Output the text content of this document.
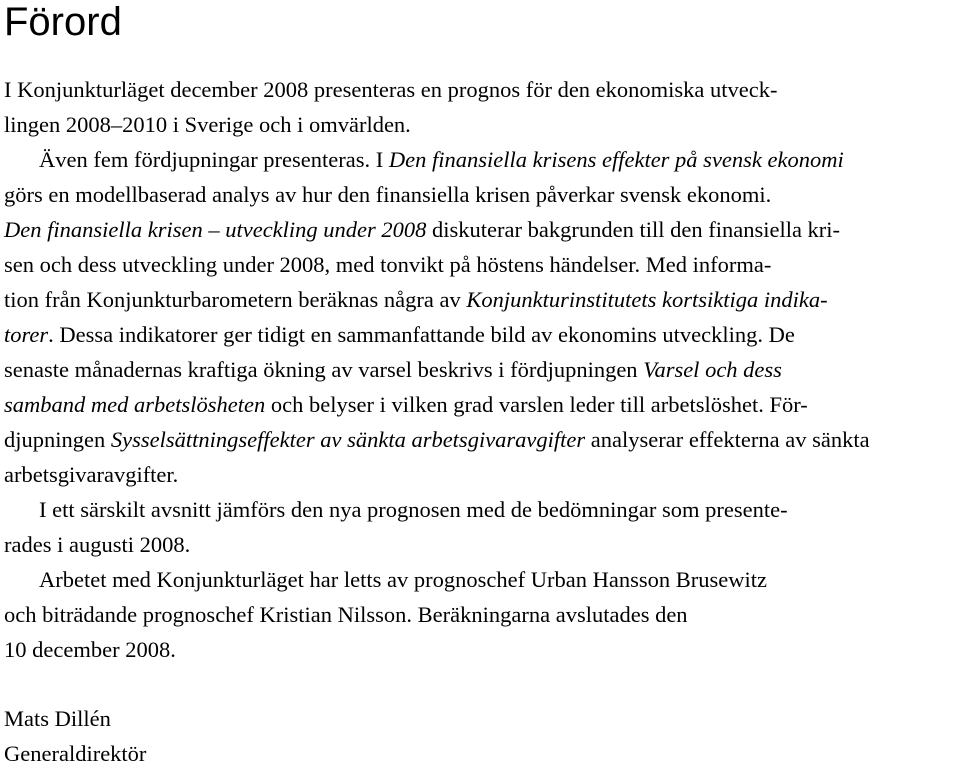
Förord
I Konjunkturläget december 2008 presenteras en prognos för den ekonomiska utveck-
lingen 2008–2010 i Sverige och i omvärlden.
Även fem fördjupningar presenteras. I Den finansiella krisens effekter på svensk ekonomi
görs en modellbaserad analys av hur den finansiella krisen påverkar svensk ekonomi.
Den finansiella krisen – utveckling under 2008 diskuterar bakgrunden till den finansiella kri-
sen och dess utveckling under 2008, med tonvikt på höstens händelser. Med informa-
tion från Konjunkturbarometern beräknas några av Konjunkturinstitutets kortsiktiga indika-
torer. Dessa indikatorer ger tidigt en sammanfattande bild av ekonomins utveckling. De
senaste månadernas kraftiga ökning av varsel beskrivs i fördjupningen Varsel och dess
samband med arbetslösheten och belyser i vilken grad varslen leder till arbetslöshet. För-
djupningen Sysselsättningseffekter av sänkta arbetsgivaravgifter analyserar effekterna av sänkta
arbetsgivaravgifter.
I ett särskilt avsnitt jämförs den nya prognosen med de bedömningar som presente-
rades i augusti 2008.
Arbetet med Konjunkturläget har letts av prognoschef Urban Hansson Brusewitz
och biträdande prognoschef Kristian Nilsson. Beräkningarna avslutades den
10 december 2008.
Mats Dillén
Generaldirektör
